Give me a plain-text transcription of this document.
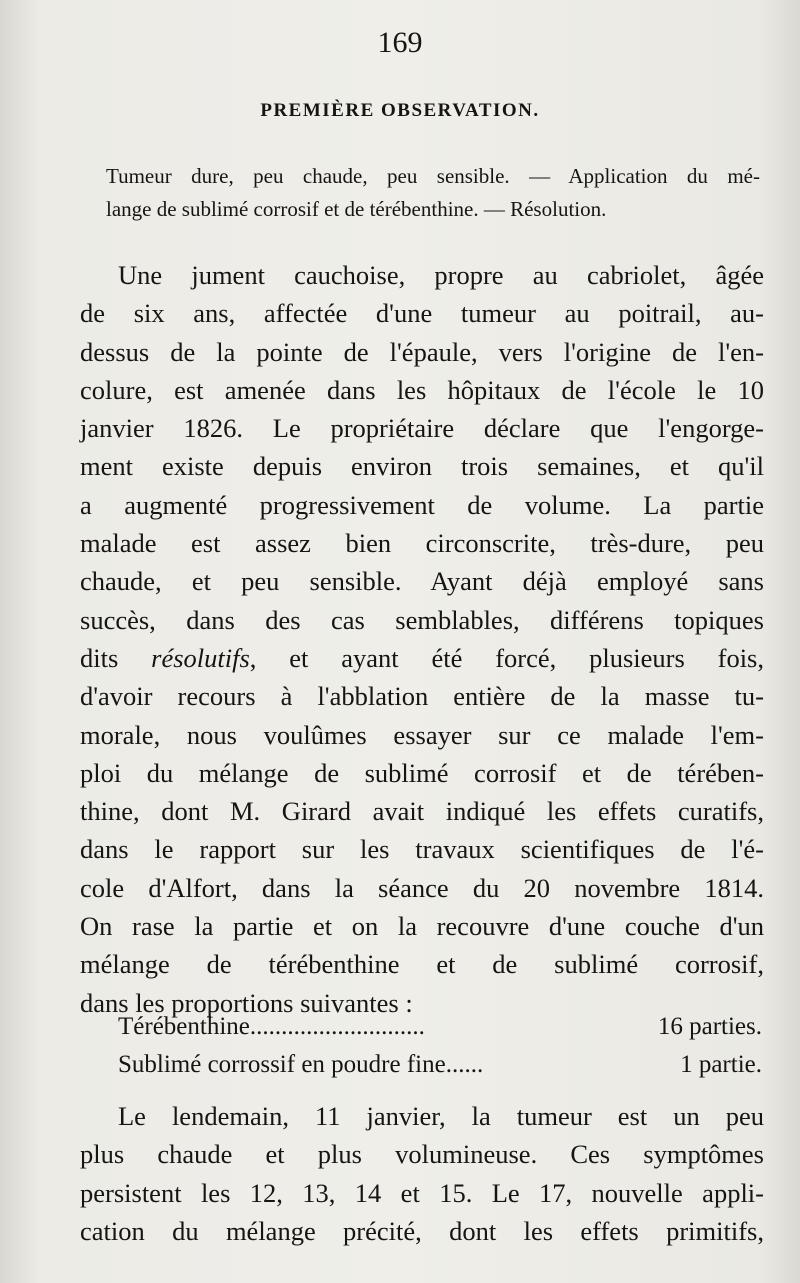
169
PREMIÈRE OBSERVATION.
Tumeur dure, peu chaude, peu sensible. — Application du mé-
lange de sublimé corrosif et de térébenthine. — Résolution.
Une jument cauchoise, propre au cabriolet, âgée
de six ans, affectée d'une tumeur au poitrail, au-
dessus de la pointe de l'épaule, vers l'origine de l'en-
colure, est amenée dans les hôpitaux de l'école le 10
janvier 1826. Le propriétaire déclare que l'engorge-
ment existe depuis environ trois semaines, et qu'il
a augmenté progressivement de volume. La partie
malade est assez bien circonscrite, très-dure, peu
chaude, et peu sensible. Ayant déjà employé sans
succès, dans des cas semblables, différens topiques
dits résolutifs, et ayant été forcé, plusieurs fois,
d'avoir recours à l'abblation entière de la masse tu-
morale, nous voulûmes essayer sur ce malade l'em-
ploi du mélange de sublimé corrosif et de térében-
thine, dont M. Girard avait indiqué les effets curatifs,
dans le rapport sur les travaux scientifiques de l'é-
cole d'Alfort, dans la séance du 20 novembre 1814.
On rase la partie et on la recouvre d'une couche d'un
mélange de térébenthine et de sublimé corrosif,
dans les proportions suivantes :
Térébenthine............................	16 parties.
Sublimé corrossif en poudre fine......	1 partie.
Le lendemain, 11 janvier, la tumeur est un peu
plus chaude et plus volumineuse. Ces symptômes
persistent les 12, 13, 14 et 15. Le 17, nouvelle appli-
cation du mélange précité, dont les effets primitifs,
